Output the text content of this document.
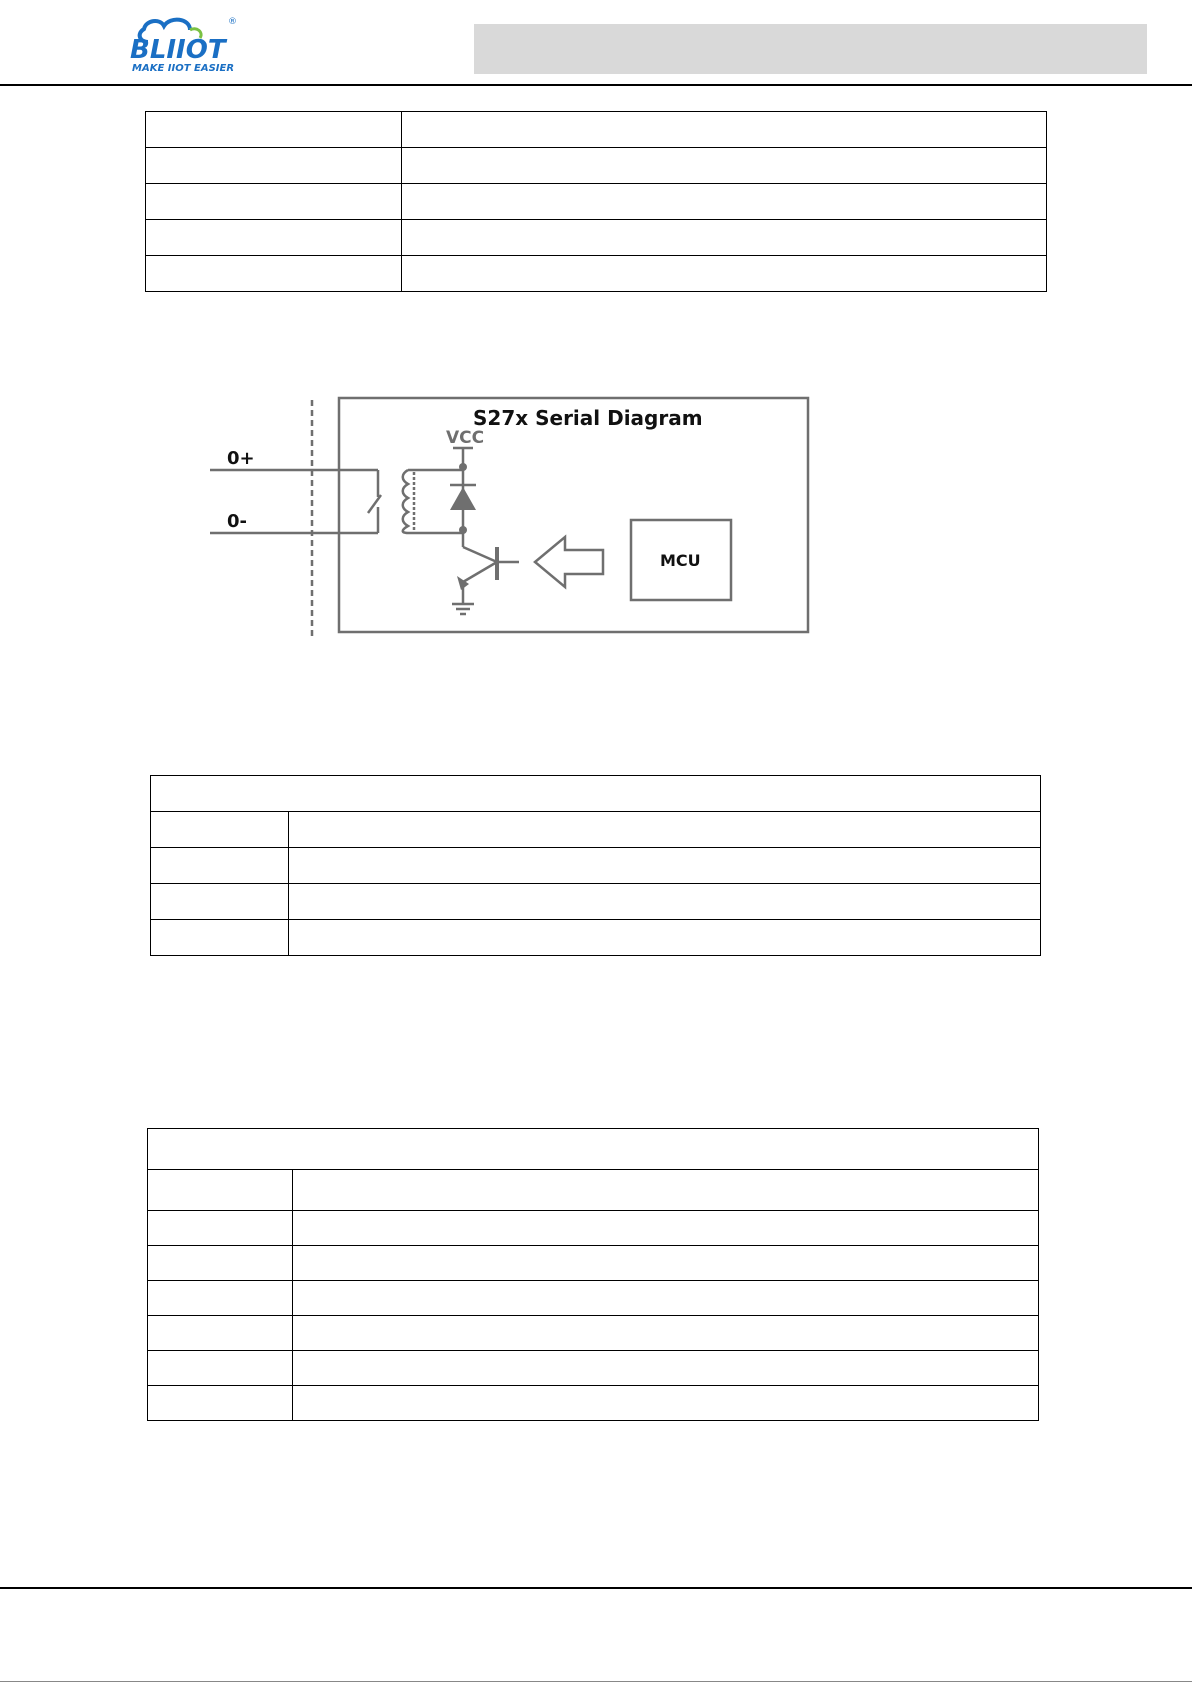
BLIIOT
MAKE IIOT EASIER
®

S27x Serial Diagram
VCC
0+
0-
MCU
